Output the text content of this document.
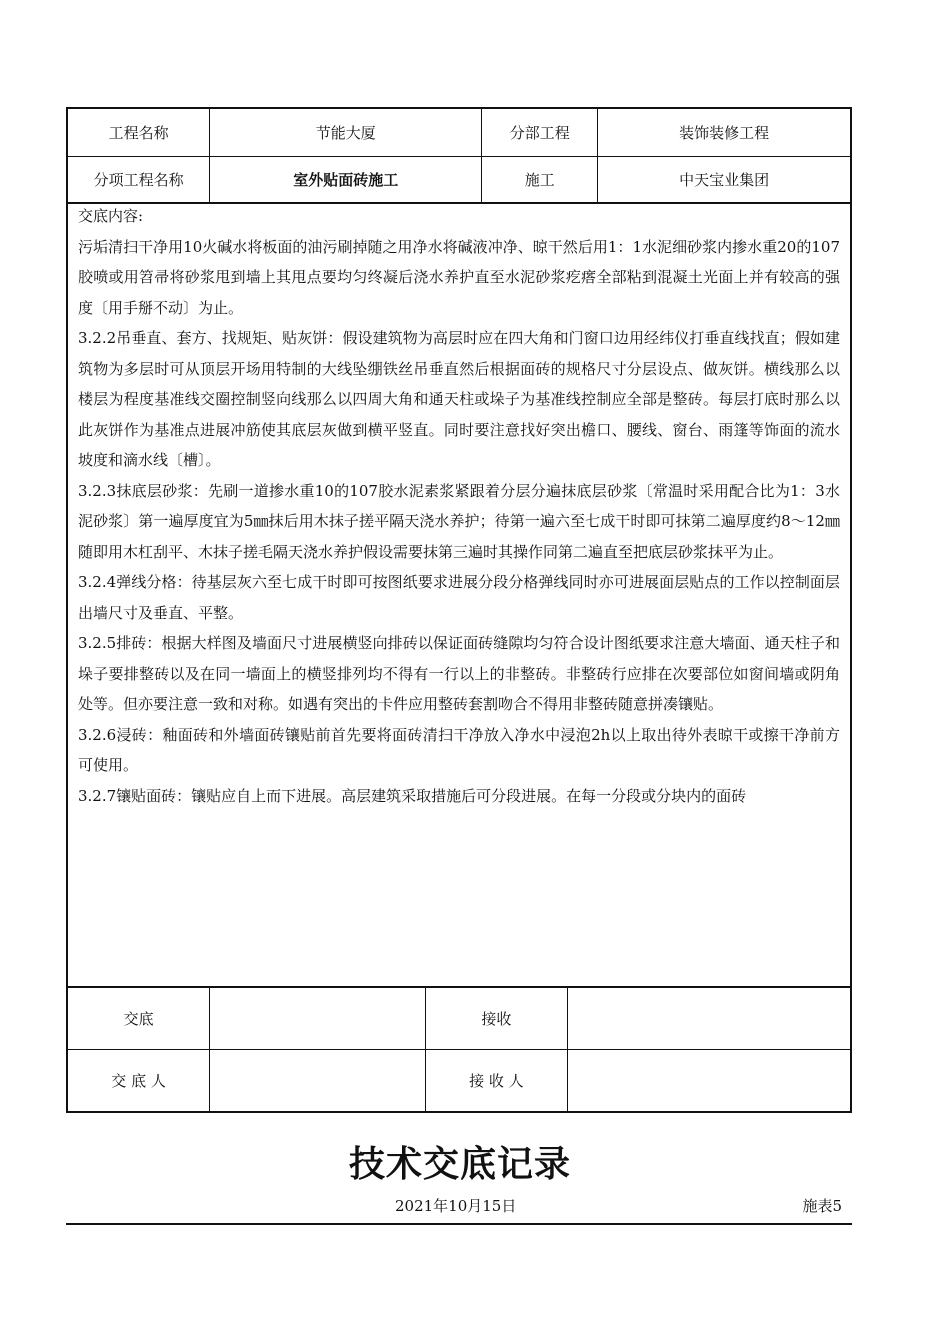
工程名称	节能大厦	分部工程	装饰装修工程
分项工程名称	室外贴面砖施工	施工	中天宝业集团

交底内容:

污垢清扫干净用10火碱水将板面的油污刷掉随之用净水将碱液冲净、晾干然后用1：1水泥细砂浆内掺水重20的107胶喷或用笤帚将砂浆甩到墙上其甩点要均匀终凝后浇水养护直至水泥砂浆疙瘩全部粘到混凝土光面上并有较高的强度〔用手掰不动〕为止。

3.2.2吊垂直、套方、找规矩、贴灰饼：假设建筑物为高层时应在四大角和门窗口边用经纬仪打垂直线找直；假如建筑物为多层时可从顶层开场用特制的大线坠绷铁丝吊垂直然后根据面砖的规格尺寸分层设点、做灰饼。横线那么以楼层为程度基准线交圈控制竖向线那么以四周大角和通天柱或垛子为基准线控制应全部是整砖。每层打底时那么以此灰饼作为基准点进展冲筋使其底层灰做到横平竖直。同时要注意找好突出檐口、腰线、窗台、雨篷等饰面的流水坡度和滴水线〔槽〕。

3.2.3抹底层砂浆：先刷一道掺水重10的107胶水泥素浆紧跟着分层分遍抹底层砂浆〔常温时采用配合比为1：3水泥砂浆〕第一遍厚度宜为5㎜抹后用木抹子搓平隔天浇水养护；待第一遍六至七成干时即可抹第二遍厚度约8～12㎜随即用木杠刮平、木抹子搓毛隔天浇水养护假设需要抹第三遍时其操作同第二遍直至把底层砂浆抹平为止。

3.2.4弹线分格：待基层灰六至七成干时即可按图纸要求进展分段分格弹线同时亦可进展面层贴点的工作以控制面层出墙尺寸及垂直、平整。

3.2.5排砖：根据大样图及墙面尺寸进展横竖向排砖以保证面砖缝隙均匀符合设计图纸要求注意大墙面、通天柱子和垛子要排整砖以及在同一墙面上的横竖排列均不得有一行以上的非整砖。非整砖行应排在次要部位如窗间墙或阴角处等。但亦要注意一致和对称。如遇有突出的卡件应用整砖套割吻合不得用非整砖随意拼凑镶贴。

3.2.6浸砖：釉面砖和外墙面砖镶贴前首先要将面砖清扫干净放入净水中浸泡2h以上取出待外表晾干或擦干净前方可使用。

3.2.7镶贴面砖：镶贴应自上而下进展。高层建筑采取措施后可分段进展。在每一分段或分块内的面砖

交底		接收	
交 底 人		接 收 人	
技术交底记录
2021年10月15日	施表5
